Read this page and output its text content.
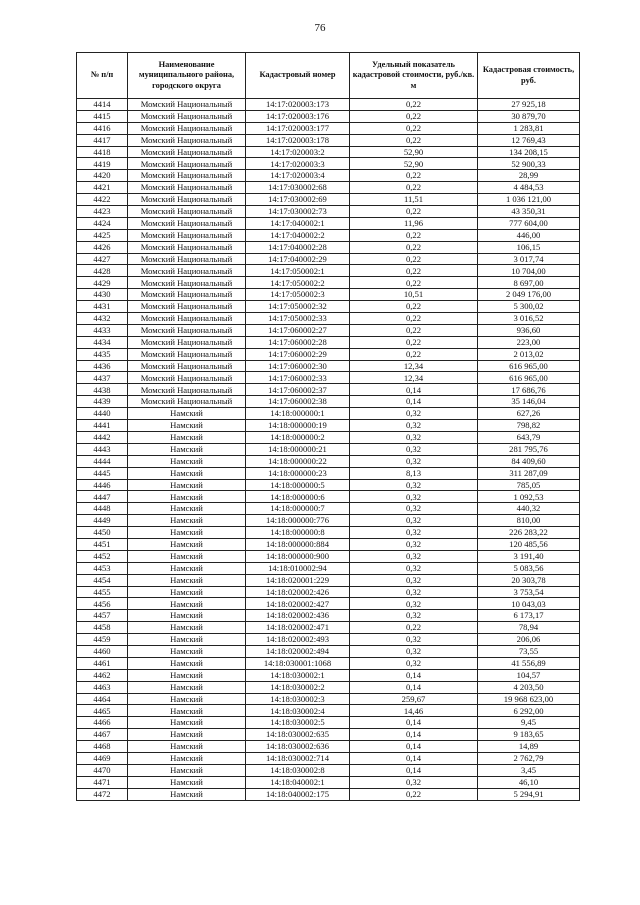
76
№ п/п	Наименование муниципального района, городского округа	Кадастровый номер	Удельный показатель кадастровой стоимости, руб./кв. м	Кадастровая стоимость, руб.
4414	Момский Национальный	14:17:020003:173	0,22	27 925,18
4415	Момский Национальный	14:17:020003:176	0,22	30 879,70
4416	Момский Национальный	14:17:020003:177	0,22	1 283,81
4417	Момский Национальный	14:17:020003:178	0,22	12 769,43
4418	Момский Национальный	14:17:020003:2	52,90	134 208,15
4419	Момский Национальный	14:17:020003:3	52,90	52 900,33
4420	Момский Национальный	14:17:020003:4	0,22	28,99
4421	Момский Национальный	14:17:030002:68	0,22	4 484,53
4422	Момский Национальный	14:17:030002:69	11,51	1 036 121,00
4423	Момский Национальный	14:17:030002:73	0,22	43 350,31
4424	Момский Национальный	14:17:040002:1	11,96	777 604,00
4425	Момский Национальный	14:17:040002:2	0,22	446,00
4426	Момский Национальный	14:17:040002:28	0,22	106,15
4427	Момский Национальный	14:17:040002:29	0,22	3 017,74
4428	Момский Национальный	14:17:050002:1	0,22	10 704,00
4429	Момский Национальный	14:17:050002:2	0,22	8 697,00
4430	Момский Национальный	14:17:050002:3	10,51	2 049 176,00
4431	Момский Национальный	14:17:050002:32	0,22	5 300,02
4432	Момский Национальный	14:17:050002:33	0,22	3 016,52
4433	Момский Национальный	14:17:060002:27	0,22	936,60
4434	Момский Национальный	14:17:060002:28	0,22	223,00
4435	Момский Национальный	14:17:060002:29	0,22	2 013,02
4436	Момский Национальный	14:17:060002:30	12,34	616 965,00
4437	Момский Национальный	14:17:060002:33	12,34	616 965,00
4438	Момский Национальный	14:17:060002:37	0,14	17 686,76
4439	Момский Национальный	14:17:060002:38	0,14	35 146,04
4440	Намский	14:18:000000:1	0,32	627,26
4441	Намский	14:18:000000:19	0,32	798,82
4442	Намский	14:18:000000:2	0,32	643,79
4443	Намский	14:18:000000:21	0,32	281 795,76
4444	Намский	14:18:000000:22	0,32	84 409,60
4445	Намский	14:18:000000:23	8,13	311 287,09
4446	Намский	14:18:000000:5	0,32	785,05
4447	Намский	14:18:000000:6	0,32	1 092,53
4448	Намский	14:18:000000:7	0,32	440,32
4449	Намский	14:18:000000:776	0,32	810,00
4450	Намский	14:18:000000:8	0,32	226 283,22
4451	Намский	14:18:000000:884	0,32	120 485,56
4452	Намский	14:18:000000:900	0,32	3 191,40
4453	Намский	14:18:010002:94	0,32	5 083,56
4454	Намский	14:18:020001:229	0,32	20 303,78
4455	Намский	14:18:020002:426	0,32	3 753,54
4456	Намский	14:18:020002:427	0,32	10 043,03
4457	Намский	14:18:020002:436	0,32	6 173,17
4458	Намский	14:18:020002:471	0,22	78,94
4459	Намский	14:18:020002:493	0,32	206,06
4460	Намский	14:18:020002:494	0,32	73,55
4461	Намский	14:18:030001:1068	0,32	41 556,89
4462	Намский	14:18:030002:1	0,14	104,57
4463	Намский	14:18:030002:2	0,14	4 203,50
4464	Намский	14:18:030002:3	259,67	19 968 623,00
4465	Намский	14:18:030002:4	14,46	6 292,00
4466	Намский	14:18:030002:5	0,14	9,45
4467	Намский	14:18:030002:635	0,14	9 183,65
4468	Намский	14:18:030002:636	0,14	14,89
4469	Намский	14:18:030002:714	0,14	2 762,79
4470	Намский	14:18:030002:8	0,14	3,45
4471	Намский	14:18:040002:1	0,32	46,10
4472	Намский	14:18:040002:175	0,22	5 294,91
